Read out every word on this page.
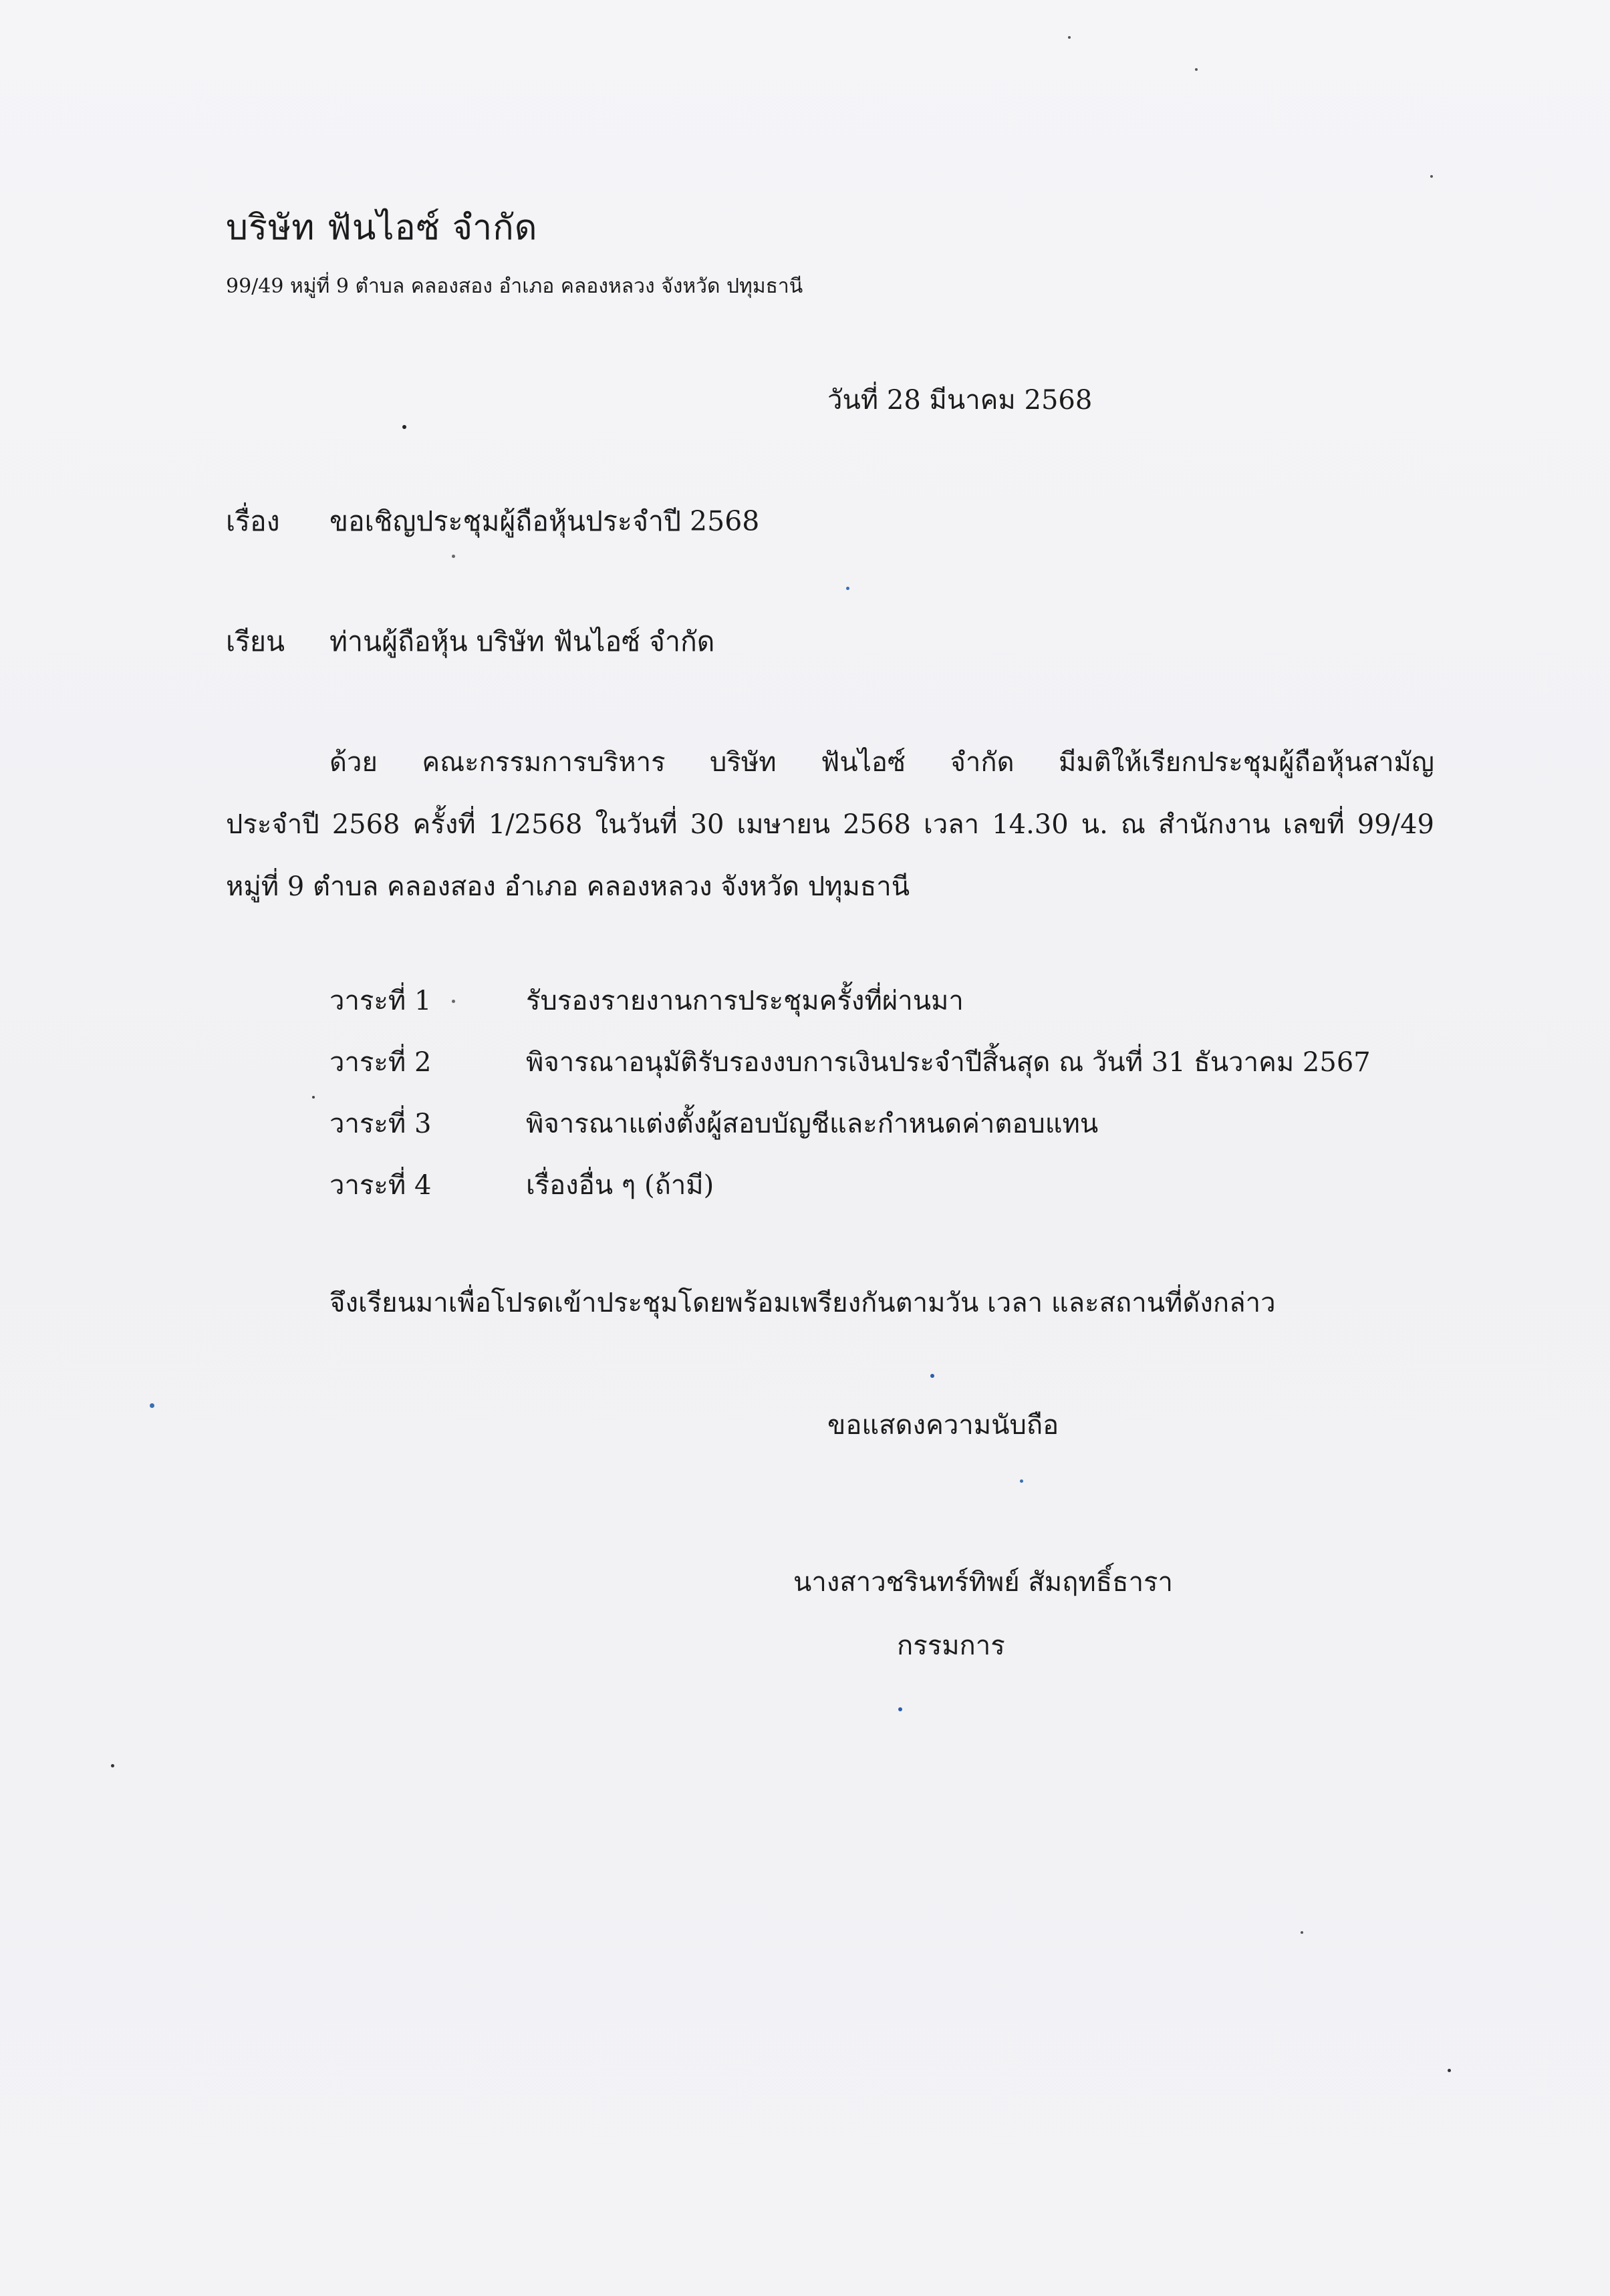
บริษัท ฟันไอซ์ จำกัด
99/49 หมู่ที่ 9 ตำบล คลองสอง อำเภอ คลองหลวง จังหวัด ปทุมธานี
วันที่ 28 มีนาคม 2568
เรื่อง ขอเชิญประชุมผู้ถือหุ้นประจำปี 2568
เรียน ท่านผู้ถือหุ้น บริษัท ฟันไอซ์ จำกัด
ด้วย คณะกรรมการบริหาร บริษัท ฟันไอซ์ จำกัด มีมติให้เรียกประชุมผู้ถือหุ้นสามัญ
ประจำปี 2568 ครั้งที่ 1/2568 ในวันที่ 30 เมษายน 2568 เวลา 14.30 น. ณ สำนักงาน เลขที่ 99/49
หมู่ที่ 9 ตำบล คลองสอง อำเภอ คลองหลวง จังหวัด ปทุมธานี
วาระที่ 1	รับรองรายงานการประชุมครั้งที่ผ่านมา
วาระที่ 2	พิจารณาอนุมัติรับรองงบการเงินประจำปีสิ้นสุด ณ วันที่ 31 ธันวาคม 2567
วาระที่ 3	พิจารณาแต่งตั้งผู้สอบบัญชีและกำหนดค่าตอบแทน
วาระที่ 4	เรื่องอื่น ๆ (ถ้ามี)
จึงเรียนมาเพื่อโปรดเข้าประชุมโดยพร้อมเพรียงกันตามวัน เวลา และสถานที่ดังกล่าว
ขอแสดงความนับถือ
นางสาวชรินทร์ทิพย์ สัมฤทธิ์ธารา
กรรมการ
